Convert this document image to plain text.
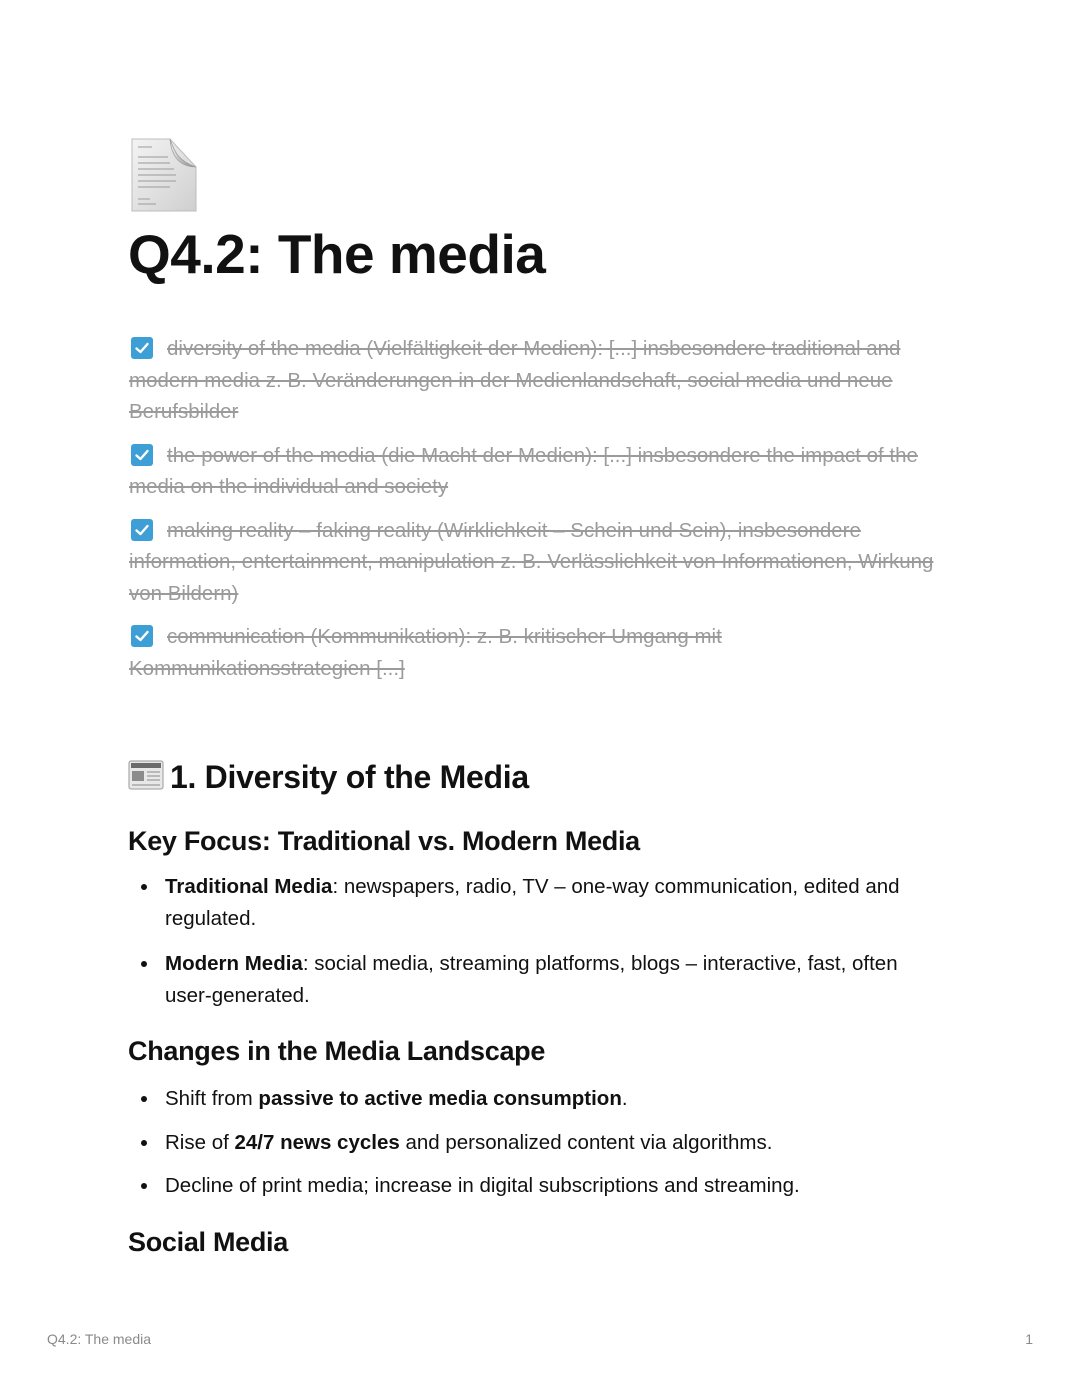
Q4.2: The media
diversity of the media (Vielfältigkeit der Medien): [...] insbesondere traditional and modern media z. B. Veränderungen in der Medienlandschaft, social media und neue Berufsbilder
the power of the media (die Macht der Medien): [...] insbesondere the impact of the media on the individual and society
making reality – faking reality (Wirklichkeit – Schein und Sein), insbesondere information, entertainment, manipulation z. B. Verlässlichkeit von Informationen, Wirkung von Bildern)
communication (Kommunikation): z. B. kritischer Umgang mit Kommunikationsstrategien [...]
1. Diversity of the Media
Key Focus: Traditional vs. Modern Media
Traditional Media: newspapers, radio, TV – one-way communication, edited and regulated.
Modern Media: social media, streaming platforms, blogs – interactive, fast, often user-generated.
Changes in the Media Landscape
Shift from passive to active media consumption.
Rise of 24/7 news cycles and personalized content via algorithms.
Decline of print media; increase in digital subscriptions and streaming.
Social Media
Q4.2: The media	1
